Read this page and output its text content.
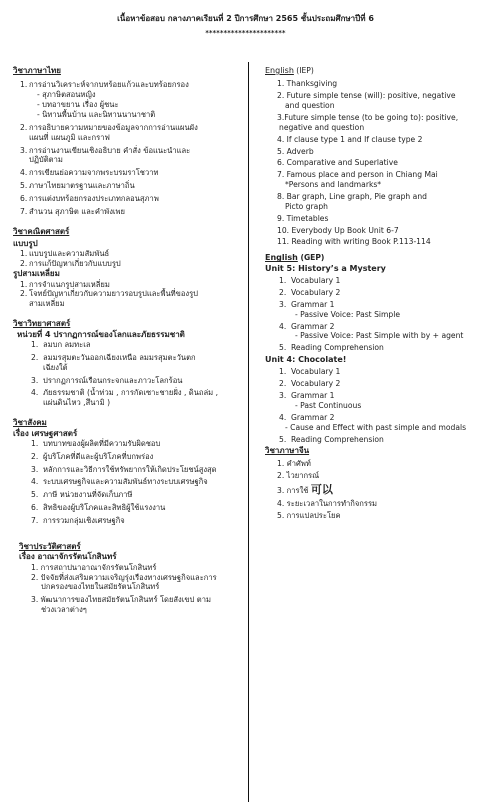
เนื้อหาข้อสอบ กลางภาคเรียนที่ 2 ปีการศึกษา 2565 ชั้นประถมศึกษาปีที่ 6
**********************
วิชาภาษาไทย
1. การอ่านวิเคราะห์จากบทร้อยแก้วและบทร้อยกรอง
- สุภาษิตสอนหญิง
- บทอาขยาน เรื่อง ผู้ชนะ
- นิทานพื้นบ้าน และนิทานนานาชาติ
2. การอธิบายความหมายของข้อมูลจากการอ่านแผนผัง
แผนที่ แผนภูมิ และกราฟ
3. การอ่านงานเขียนเชิงอธิบาย คำสั่ง ข้อแนะนำและ
ปฏิบัติตาม
4. การเขียนย่อความจากพระบรมราโชวาท
5. ภาษาไทยมาตรฐานและภาษาถิ่น
6. การแต่งบทร้อยกรองประเภทกลอนสุภาพ
7. สำนวน สุภาษิต และคำพังเพย
วิชาคณิตศาสตร์
แบบรูป
1. แบบรูปและความสัมพันธ์
2. การแก้ปัญหาเกี่ยวกับแบบรูป
รูปสามเหลี่ยม
1. การจำแนกรูปสามเหลี่ยม
2. โจทย์ปัญหาเกี่ยวกับความยาวรอบรูปและพื้นที่ของรูป
สามเหลี่ยม
วิชาวิทยาศาสตร์
หน่วยที่ 4 ปรากฏการณ์ของโลกและภัยธรรมชาติ
1. ลมบก ลมทะเล
2. ลมมรสุมตะวันออกเฉียงเหนือ ลมมรสุมตะวันตก
เฉียงใต้
3. ปรากฏการณ์เรือนกระจกและภาวะโลกร้อน
4. ภัยธรรมชาติ (น้ำท่วม , การกัดเซาะชายฝั่ง , ดินถล่ม ,
แผ่นดินไหว ,สึนามิ )
วิชาสังคม
เรื่อง เศรษฐศาสตร์
1. บทบาทของผู้ผลิตที่มีความรับผิดชอบ
2. ผู้บริโภคที่ดีและผู้บริโภคที่บกพร่อง
3. หลักการและวิธีการใช้ทรัพยากรให้เกิดประโยชน์สูงสุด
4. ระบบเศรษฐกิจและความสัมพันธ์ทางระบบเศรษฐกิจ
5. ภาษี หน่วยงานที่จัดเก็บภาษี
6. สิทธิของผู้บริโภคและสิทธิผู้ใช้แรงงาน
7. การรวมกลุ่มเชิงเศรษฐกิจ
วิชาประวัติศาสตร์
เรื่อง อาณาจักรรัตนโกสินทร์
1. การสถาปนาอาณาจักรรัตนโกสินทร์
2. ปัจจัยที่ส่งเสริมความเจริญรุ่งเรืองทางเศรษฐกิจและการ
ปกครองของไทยในสมัยรัตนโกสินทร์
3. พัฒนาการของไทยสมัยรัตนโกสินทร์ โดยสังเขป ตาม
ช่วงเวลาต่างๆ
English (IEP)
1. Thanksgiving
2. Future simple tense (will): positive, negative
and question
3.Future simple tense (to be going to): positive,
negative and question
4. If clause type 1 and If clause type 2
5. Adverb
6. Comparative and Superlative
7. Famous place and person in Chiang Mai
*Persons and landmarks*
8. Bar graph, Line graph, Pie graph and
Picto graph
9. Timetables
10. Everybody Up Book Unit 6-7
11. Reading with writing Book P.113-114
English (GEP)
Unit 5: History’s a Mystery
1. Vocabulary 1
2. Vocabulary 2
3. Grammar 1
- Passive Voice: Past Simple
4. Grammar 2
- Passive Voice: Past Simple with by + agent
5. Reading Comprehension
Unit 4: Chocolate!
1. Vocabulary 1
2. Vocabulary 2
3. Grammar 1
- Past Continuous
4. Grammar 2
- Cause and Effect with past simple and modals
5. Reading Comprehension
วิชาภาษาจีน
1. คำศัพท์
2. ไวยากรณ์
3. การใช้ 可以
4. ระยะเวลาในการทำกิจกรรม
5. การแปลประโยค
